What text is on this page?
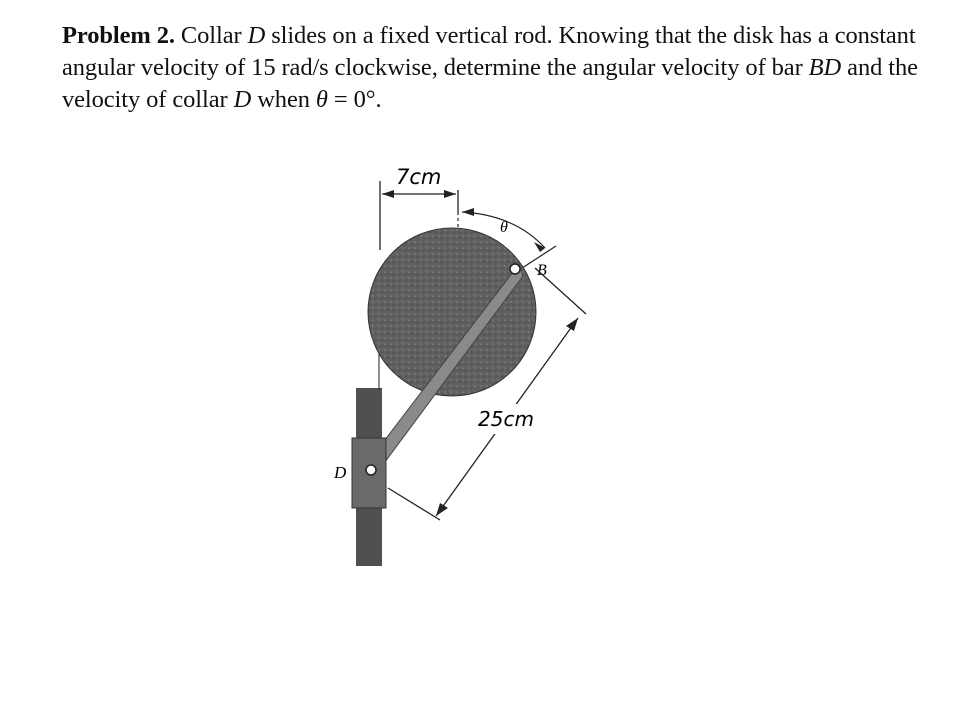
Problem 2. Collar D slides on a fixed vertical rod. Knowing that the disk has a constant angular velocity of 15 rad/s clockwise, determine the angular velocity of bar BD and the velocity of collar D when θ = 0°.
7cm
θ
B
D
25cm
